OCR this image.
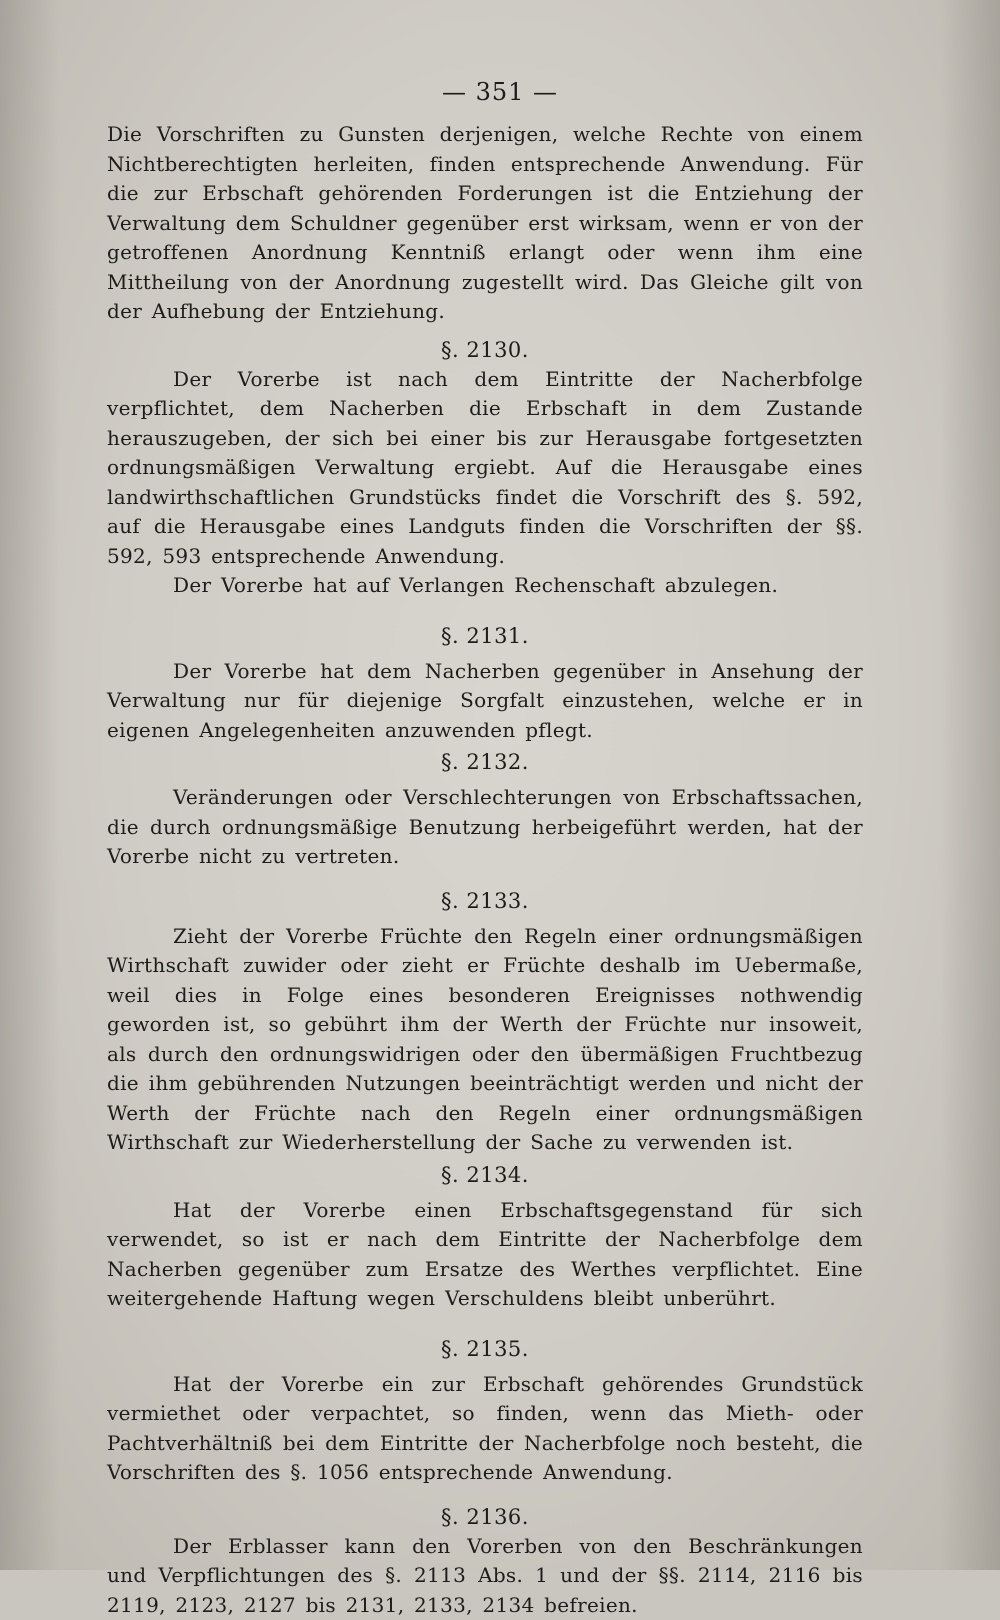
— 351 —

Die Vorschriften zu Gunsten derjenigen, welche Rechte von einem Nichtberechtigten herleiten, finden entsprechende Anwendung. Für die zur Erbschaft gehörenden Forderungen ist die Entziehung der Verwaltung dem Schuldner gegenüber erst wirksam, wenn er von der getroffenen Anordnung Kenntniß erlangt oder wenn ihm eine Mittheilung von der Anordnung zugestellt wird. Das Gleiche gilt von der Aufhebung der Entziehung.

§. 2130.

Der Vorerbe ist nach dem Eintritte der Nacherbfolge verpflichtet, dem Nacherben die Erbschaft in dem Zustande herauszugeben, der sich bei einer bis zur Herausgabe fortgesetzten ordnungsmäßigen Verwaltung ergiebt. Auf die Herausgabe eines landwirthschaftlichen Grundstücks findet die Vorschrift des §. 592, auf die Herausgabe eines Landguts finden die Vorschriften der §§. 592, 593 entsprechende Anwendung.

Der Vorerbe hat auf Verlangen Rechenschaft abzulegen.

§. 2131.

Der Vorerbe hat dem Nacherben gegenüber in Ansehung der Verwaltung nur für diejenige Sorgfalt einzustehen, welche er in eigenen Angelegenheiten anzuwenden pflegt.

§. 2132.

Veränderungen oder Verschlechterungen von Erbschaftssachen, die durch ordnungsmäßige Benutzung herbeigeführt werden, hat der Vorerbe nicht zu vertreten.

§. 2133.

Zieht der Vorerbe Früchte den Regeln einer ordnungsmäßigen Wirthschaft zuwider oder zieht er Früchte deshalb im Uebermaße, weil dies in Folge eines besonderen Ereignisses nothwendig geworden ist, so gebührt ihm der Werth der Früchte nur insoweit, als durch den ordnungswidrigen oder den übermäßigen Fruchtbezug die ihm gebührenden Nutzungen beeinträchtigt werden und nicht der Werth der Früchte nach den Regeln einer ordnungsmäßigen Wirthschaft zur Wiederherstellung der Sache zu verwenden ist.

§. 2134.

Hat der Vorerbe einen Erbschaftsgegenstand für sich verwendet, so ist er nach dem Eintritte der Nacherbfolge dem Nacherben gegenüber zum Ersatze des Werthes verpflichtet. Eine weitergehende Haftung wegen Verschuldens bleibt unberührt.

§. 2135.

Hat der Vorerbe ein zur Erbschaft gehörendes Grundstück vermiethet oder verpachtet, so finden, wenn das Mieth- oder Pachtverhältniß bei dem Eintritte der Nacherbfolge noch besteht, die Vorschriften des §. 1056 entsprechende Anwendung.

§. 2136.

Der Erblasser kann den Vorerben von den Beschränkungen und Verpflichtungen des §. 2113 Abs. 1 und der §§. 2114, 2116 bis 2119, 2123, 2127 bis 2131, 2133, 2134 befreien.
